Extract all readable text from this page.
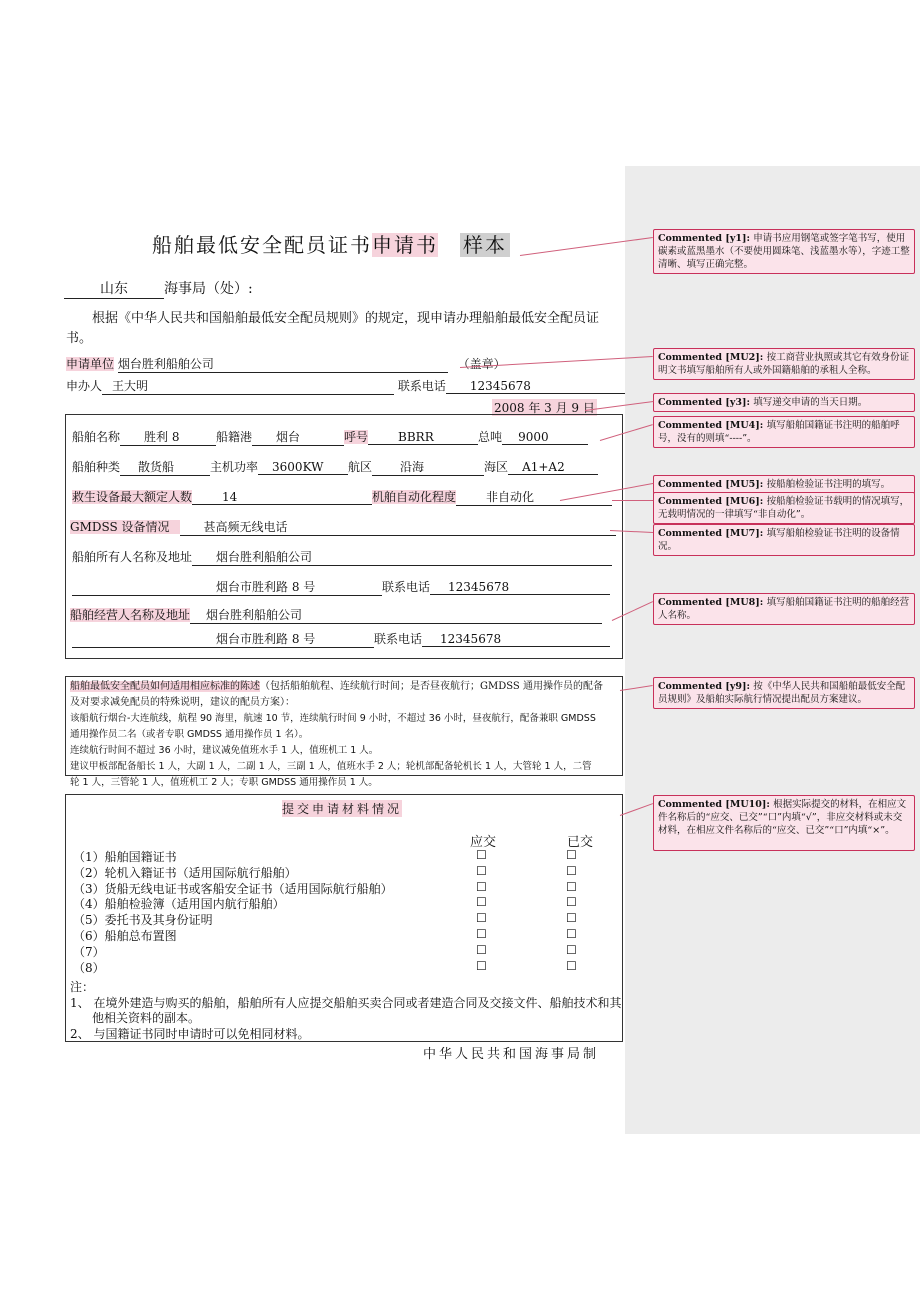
船舶最低安全配员证书申请书 样本
山东	海事局（处）:
根据《中华人民共和国船舶最低安全配员规则》的规定，现申请办理船舶最低安全配员证书。
申请单位 烟台胜利船舶公司	（盖章）
申办人 王大明	联系电话 12345678
2008 年 3 月 9 日
船舶名称 胜利 8	船籍港 烟台	呼号	BBRR	总吨 9000
船舶种类 散货船	主机功率 3600KW 航区 沿海	海区 A1+A2
救生设备最大额定人数	14	机舶自动化程度	非自动化
GMDSS 设备情况	甚高频无线电话
船舶所有人名称及地址 烟台胜利船舶公司
烟台市胜利路 8 号	联系电话 12345678
船舶经营人名称及地址 烟台胜利船舶公司
烟台市胜利路 8 号	联系电话 12345678
船舶最低安全配员如何适用相应标准的陈述（包括船舶航程、连续航行时间；是否昼夜航行；GMDSS 通用操作员的配备
及对要求减免配员的特殊说明，建议的配员方案）：
该船航行烟台-大连航线，航程 90 海里，航速 10 节，连续航行时间 9 小时，不超过 36 小时，昼夜航行，配备兼职 GMDSS
通用操作员二名（或者专职 GMDSS 通用操作员 1 名）。
连续航行时间不超过 36 小时，建议减免值班水手 1 人，值班机工 1 人。
建议甲板部配备船长 1 人，大副 1 人，二副 1 人，三副 1 人，值班水手 2 人；轮机部配备轮机长 1 人，大管轮 1 人，二管
轮 1 人，三管轮 1 人，值班机工 2 人；专职 GMDSS 通用操作员 1 人。
提交申请材料情况
应交	已交
（1）船舶国籍证书	☐	☐
（2）轮机入籍证书（适用国际航行船舶）	☐	☐
（3）货船无线电证书或客船安全证书（适用国际航行船舶）	☐	☐
（4）船舶检验簿（适用国内航行船舶）	☐	☐
（5）委托书及其身份证明	☐	☐
（6）船舶总布置图	☐	☐
（7）	☐	☐
（8）	☐	☐
注：
1、 在境外建造与购买的船舶，船舶所有人应提交船舶买卖合同或者建造合同及交接文件、船舶技术和其
他相关资料的副本。
2、 与国籍证书同时申请时可以免相同材料。
中华人民共和国海事局制
Commented [y1]: 申请书应用钢笔或签字笔书写，使用碳素或蓝黑墨水（不要使用圆珠笔、浅蓝墨水等），字迹工整清晰、填写正确完整。
Commented [MU2]: 按工商营业执照或其它有效身份证明文书填写船舶所有人或外国籍船舶的承租人全称。
Commented [y3]: 填写递交申请的当天日期。
Commented [MU4]: 填写船舶国籍证书注明的船舶呼号，没有的则填“----”。
Commented [MU5]: 按船舶检验证书注明的填写。
Commented [MU6]: 按船舶检验证书载明的情况填写，无载明情况的一律填写“非自动化”。
Commented [MU7]: 填写船舶检验证书注明的设备情况。
Commented [MU8]: 填写船舶国籍证书注明的船舶经营人名称。
Commented [y9]: 按《中华人民共和国船舶最低安全配员规则》及船舶实际航行情况提出配员方案建议。
Commented [MU10]: 根据实际提交的材料，在相应文件名称后的“应交、已交”“口”内填“√”，非应交材料或未交材料，在相应文件名称后的“应交、已交”“口”内填“×”。
